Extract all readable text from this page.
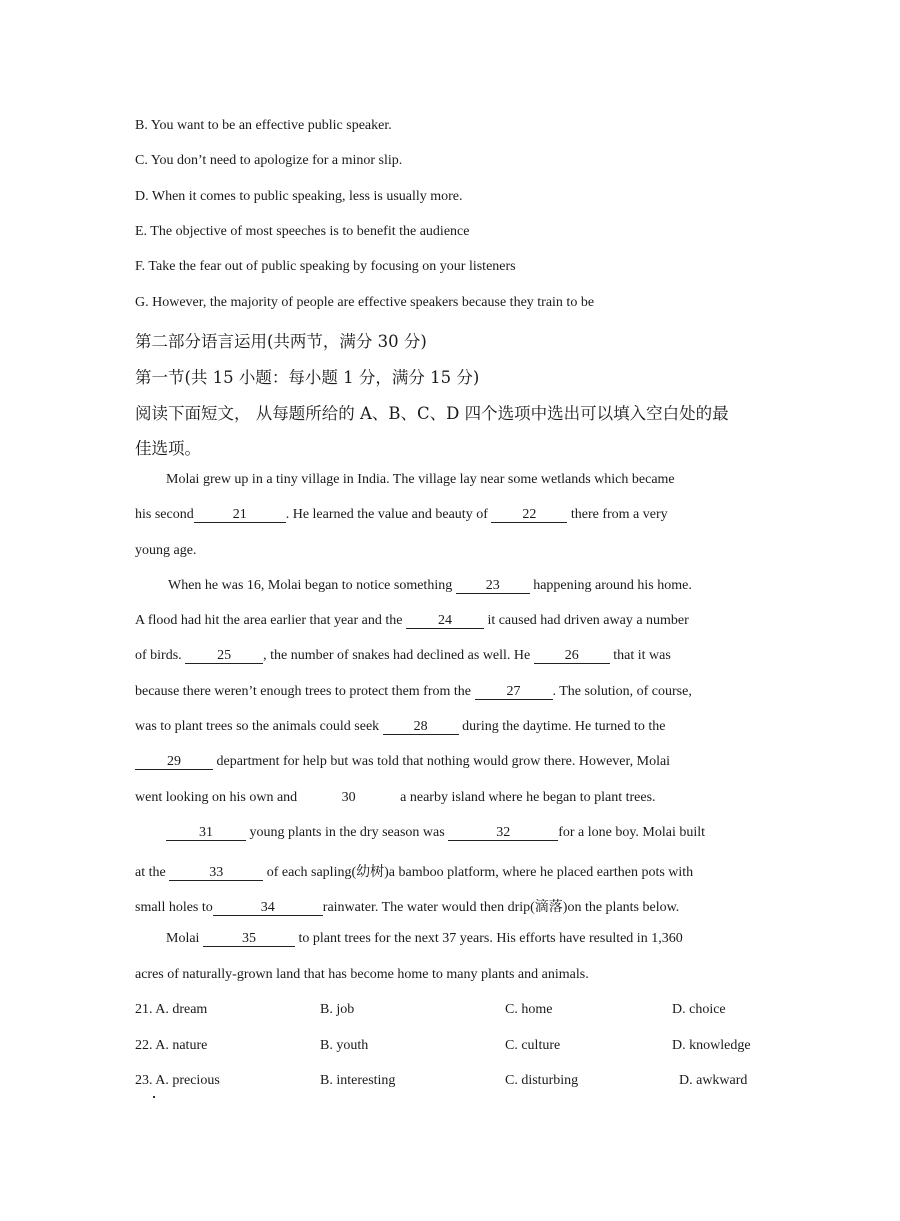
B. You want to be an effective public speaker.
C. You don’t need to apologize for a minor slip.
D. When it comes to public speaking, less is usually more.
E. The objective of most speeches is to benefit the audience
F. Take the fear out of public speaking by focusing on your listeners
G. However, the majority of people are effective speakers because they train to be
第二部分语言运用(共两节，满分 30 分)
第一节(共 15 小题：每小题 1 分，满分 15 分)
阅读下面短文， 从每题所给的 A、B、C、D 四个选项中选出可以填入空白处的最
佳选项。
Molai grew up in a tiny village in India. The village lay near some wetlands which became
his second	21	. He learned the value and beauty of 22 there from a very
young age.
When he was 16, Molai began to notice something 23 happening around his home.
A flood had hit the area earlier that year and the	24	it caused had driven away a number
of birds.	25 , the number of snakes had declined as well. He 26 that it was
because there weren’t enough trees to protect them from the	27 . The solution, of course,
was to plant trees so the animals could seek 28 during the daytime. He turned to the
29	department for help but was told that nothing would grow there. However, Molai
went looking on his own and	30	a nearby island where he began to plant trees.
31	young plants in the dry season was	32	for a lone boy. Molai built
at the	33	of each sapling(幼树)a bamboo platform, where he placed earthen pots with
small holes to	34	rainwater. The water would then drip(滴落)on the plants below.
Molai	35	to plant trees for the next 37 years. His efforts have resulted in 1,360
acres of naturally-grown land that has become home to many plants and animals.
21. A. dream	B. job	C. home	D. choice
22. A. nature	B. youth	C. culture	D. knowledge
23. A. precious	B. interesting	C. disturbing	D. awkward
